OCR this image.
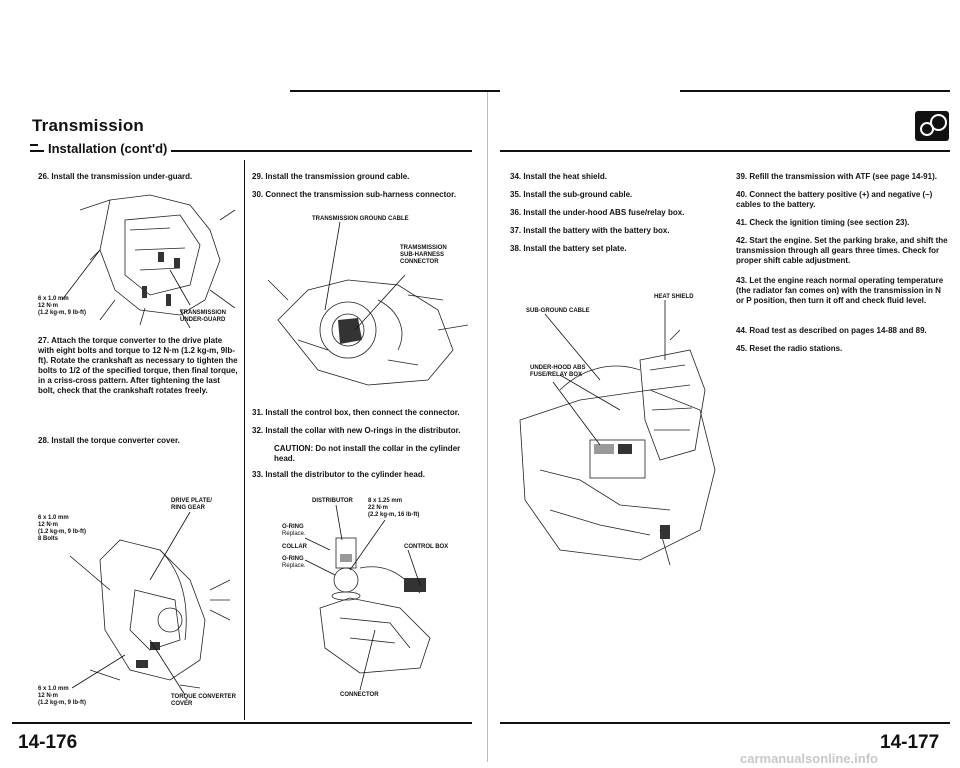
Transmission
Installation (cont'd)
26. Install the transmission under-guard.
6 x 1.0 mm
12 N·m
(1.2 kg-m, 9 lb-ft)	TRANSMISSION
UNDER-GUARD
27. Attach the torque converter to the drive plate with eight bolts and torque to 12 N·m (1.2 kg-m, 9lb-ft). Rotate the crankshaft as necessary to tighten the bolts to 1/2 of the specified torque, then final torque, in a criss-cross pattern. After tightening the last bolt, check that the crankshaft rotates freely.
28. Install the torque converter cover.
DRIVE PLATE/
RING GEAR
6 x 1.0 mm
12 N·m
(1.2 kg-m, 9 lb-ft)
8 Bolts
6 x 1.0 mm
12 N·m
(1.2 kg-m, 9 lb-ft)
TORQUE CONVERTER
COVER
29. Install the transmission ground cable.
30. Connect the transmission sub-harness connector.
TRANSMISSION GROUND CABLE
TRAMSMISSION
SUB-HARNESS
CONNECTOR
31. Install the control box, then connect the connector.
32. Install the collar with new O-rings in the distributor.
CAUTION: Do not install the collar in the cylinder head.
33. Install the distributor to the cylinder head.
DISTRIBUTOR	8 x 1.25 mm
22 N·m
(2.2 kg-m, 16 lb-ft)
O-RING
Replace.
COLLAR
O-RING
Replace.
CONTROL BOX
CONNECTOR
14-176
34. Install the heat shield.
35. Install the sub-ground cable.
36. Install the under-hood ABS fuse/relay box.
37. Install the battery with the battery box.
38. Install the battery set plate.
HEAT SHIELD
SUB-GROUND CABLE
UNDER-HOOD ABS
FUSE/RELAY BOX
39. Refill the transmission with ATF (see page 14-91).
40. Connect the battery positive (+) and negative (–) cables to the battery.
41. Check the ignition timing (see section 23).
42. Start the engine. Set the parking brake, and shift the transmission through all gears three times. Check for proper shift cable adjustment.
43. Let the engine reach normal operating temperature (the radiator fan comes on) with the transmission in N or P position, then turn it off and check fluid level.
44. Road test as described on pages 14-88 and 89.
45. Reset the radio stations.
14-177
carmanualsonline.info
